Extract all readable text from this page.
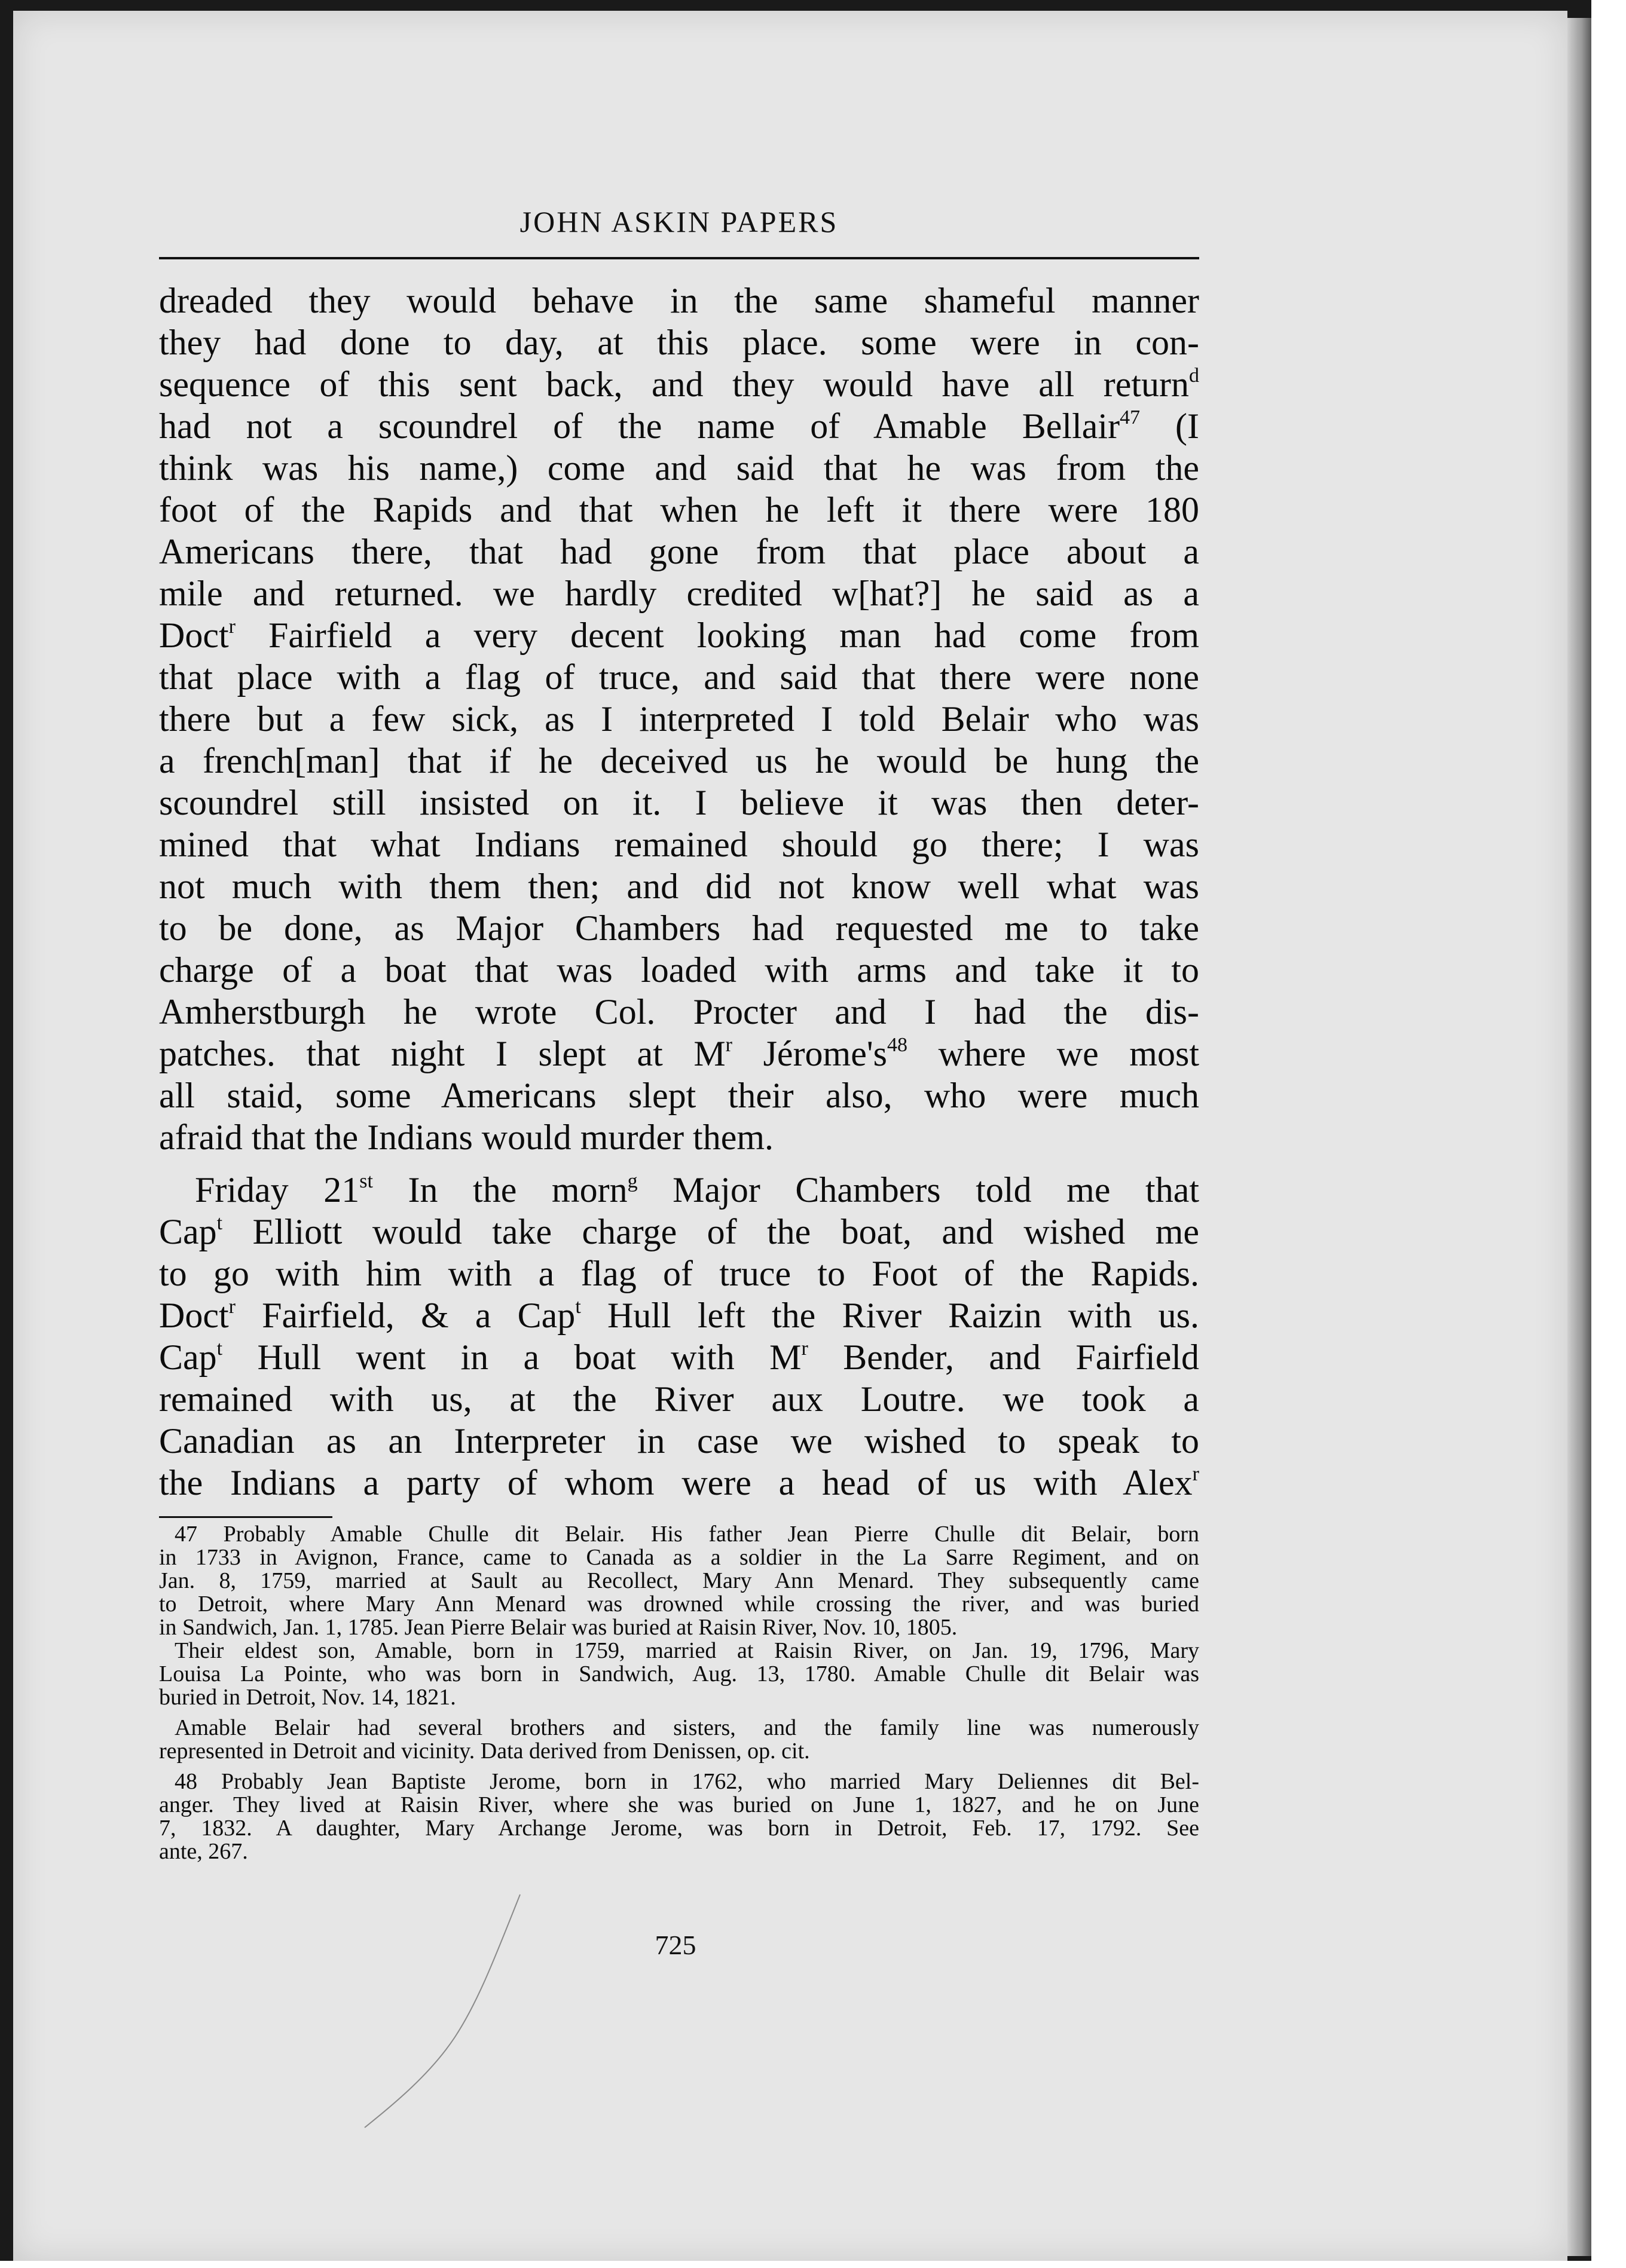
JOHN ASKIN PAPERS

dreaded they would behave in the same shameful manner

they had done to day, at this place. some were in con-

sequence of this sent back, and they would have all return$^d$

had not a scoundrel of the name of Amable Bellair$^{47}$ (I

think was his name,) come and said that he was from the

foot of the Rapids and that when he left it there were 180

Americans there, that had gone from that place about a

mile and returned. we hardly credited w[hat?] he said as a

Doct$^r$ Fairfield a very decent looking man had come from

that place with a flag of truce, and said that there were none

there but a few sick, as I interpreted I told Belair who was

a french[man] that if he deceived us he would be hung the

scoundrel still insisted on it. I believe it was then deter-

mined that what Indians remained should go there; I was

not much with them then; and did not know well what was

to be done, as Major Chambers had requested me to take

charge of a boat that was loaded with arms and take it to

Amherstburgh he wrote Col. Procter and I had the dis-

patches. that night I slept at $M^r$ $Jérome's^{48}$ where we most

all staid, some Americans slept their also, who were much

afraid that the Indians would murder them.

Friday 21st In the morn$^g$ Major Chambers told me that

Cap$^t$ Elliott would take charge of the boat, and wished me

to go with him with a flag of truce to Foot of the Rapids.

Doct$^r$ Fairfield, & a Cap$^t$ Hull left the River Raizin with us.

Cap$^t$ Hull went in a boat with $M^r$ Bender, and Fairfield

remained with us, at the River aux Loutre. we took a

Canadian as an Interpreter in case we wished to speak to

the Indians a party of whom were a head of us with Alex$^r$

47 Probably Amable Chulle dit Belair. His father Jean Pierre Chulle dit Belair, born

in 1733 in Avignon, France, came to Canada as a soldier in the La Sarre Regiment, and on

Jan. 8, 1759, married at Sault au Recollect, Mary Ann Menard. They subsequently came

to Detroit, where Mary Ann Menard was drowned while crossing the river, and was buried

in Sandwich, Jan. 1, 1785. Jean Pierre Belair was buried at Raisin River, Nov. 10, 1805.

Their eldest son, Amable, born in 1759, married at Raisin River, on Jan. 19, 1796, Mary

Louisa La Pointe, who was born in Sandwich, Aug. 13, 1780. Amable Chulle dit Belair was

buried in Detroit, Nov. 14, 1821.

Amable Belair had several brothers and sisters, and the family line was numerously

represented in Detroit and vicinity. Data derived from Denissen, op. cit.

48 Probably Jean Baptiste Jerome, born in 1762, who married Mary Deliennes dit Bel-

anger. They lived at Raisin River, where she was buried on June 1, 1827, and he on June

7, 1832. A daughter, Mary Archange Jerome, was born in Detroit, Feb. 17, 1792. See

ante, 267.

725
